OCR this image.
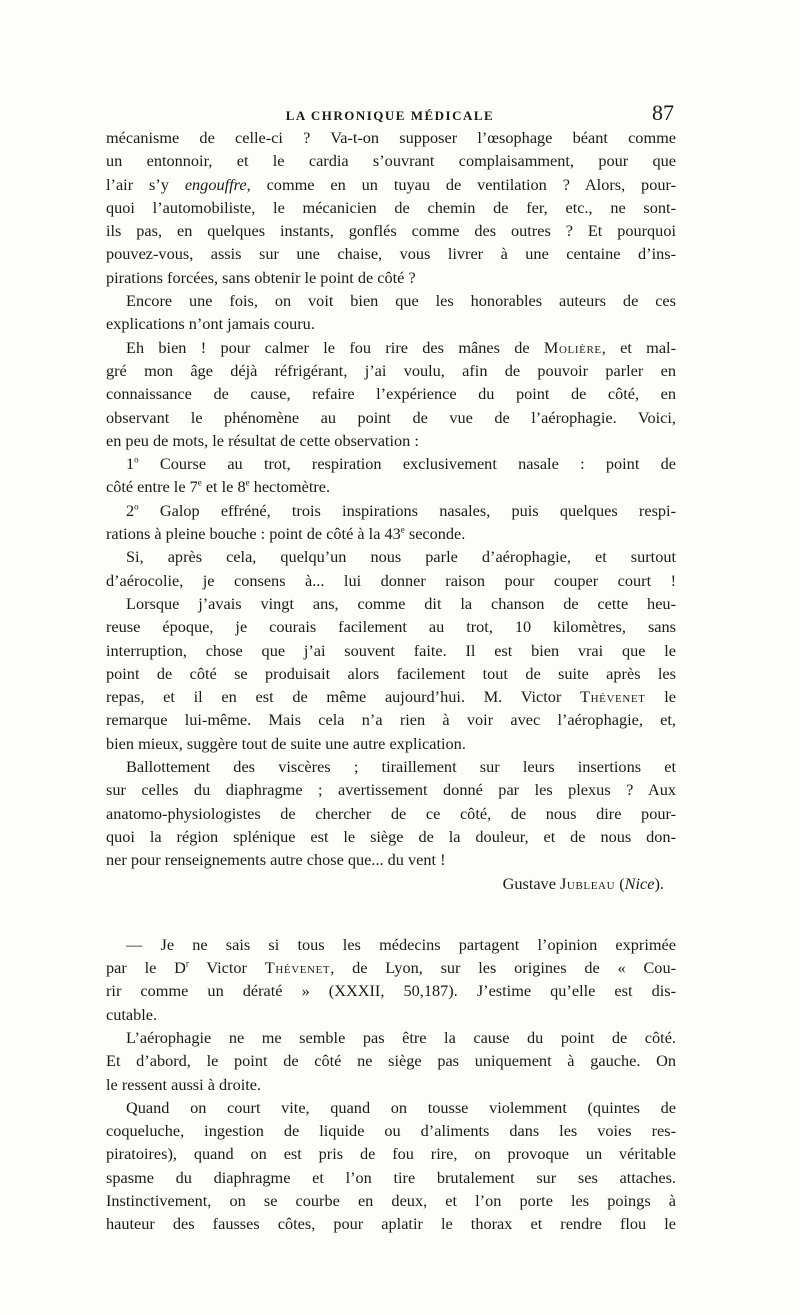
LA CHRONIQUE MÉDICALE	87
mécanisme de celle-ci ? Va-t-on supposer l’œsophage béant comme
un entonnoir, et le cardia s’ouvrant complaisamment, pour que
l’air s’y engouffre, comme en un tuyau de ventilation ? Alors, pour-
quoi l’automobiliste, le mécanicien de chemin de fer, etc., ne sont-
ils pas, en quelques instants, gonflés comme des outres ? Et pourquoi
pouvez-vous, assis sur une chaise, vous livrer à une centaine d’ins-
pirations forcées, sans obtenir le point de côté ?
Encore une fois, on voit bien que les honorables auteurs de ces
explications n’ont jamais couru.
Eh bien ! pour calmer le fou rire des mânes de Molière, et mal-
gré mon âge déjà réfrigérant, j’ai voulu, afin de pouvoir parler en
connaissance de cause, refaire l’expérience du point de côté, en
observant le phénomène au point de vue de l’aérophagie. Voici,
en peu de mots, le résultat de cette observation :
1$^o$ Course au trot, respiration exclusivement nasale : point de
côté entre le 7e et le 8e hectomètre.
2$^o$ Galop effréné, trois inspirations nasales, puis quelques respi-
rations à pleine bouche : point de côté à la 43e seconde.
Si, après cela, quelqu’un nous parle d’aérophagie, et surtout
d’aérocolie, je consens à... lui donner raison pour couper court !
Lorsque j’avais vingt ans, comme dit la chanson de cette heu-
reuse époque, je courais facilement au trot, 10 kilomètres, sans
interruption, chose que j’ai souvent faite. Il est bien vrai que le
point de côté se produisait alors facilement tout de suite après les
repas, et il en est de même aujourd’hui. M. Victor Thévenet le
remarque lui-même. Mais cela n’a rien à voir avec l’aérophagie, et,
bien mieux, suggère tout de suite une autre explication.
Ballottement des viscères ; tiraillement sur leurs insertions et
sur celles du diaphragme ; avertissement donné par les plexus ? Aux
anatomo-physiologistes de chercher de ce côté, de nous dire pour-
quoi la région splénique est le siège de la douleur, et de nous don-
ner pour renseignements autre chose que... du vent !
Gustave Jubleau (Nice).
— Je ne sais si tous les médecins partagent l’opinion exprimée
par le $D^r$ Victor Thévenet, de Lyon, sur les origines de « Cou-
rir comme un dératé » (XXXII, 50,187). J’estime qu’elle est dis-
cutable.
L’aérophagie ne me semble pas être la cause du point de côté.
Et d’abord, le point de côté ne siège pas uniquement à gauche. On
le ressent aussi à droite.
Quand on court vite, quand on tousse violemment (quintes de
coqueluche, ingestion de liquide ou d’aliments dans les voies res-
piratoires), quand on est pris de fou rire, on provoque un véritable
spasme du diaphragme et l’on tire brutalement sur ses attaches.
Instinctivement, on se courbe en deux, et l’on porte les poings à
hauteur des fausses côtes, pour aplatir le thorax et rendre flou le
